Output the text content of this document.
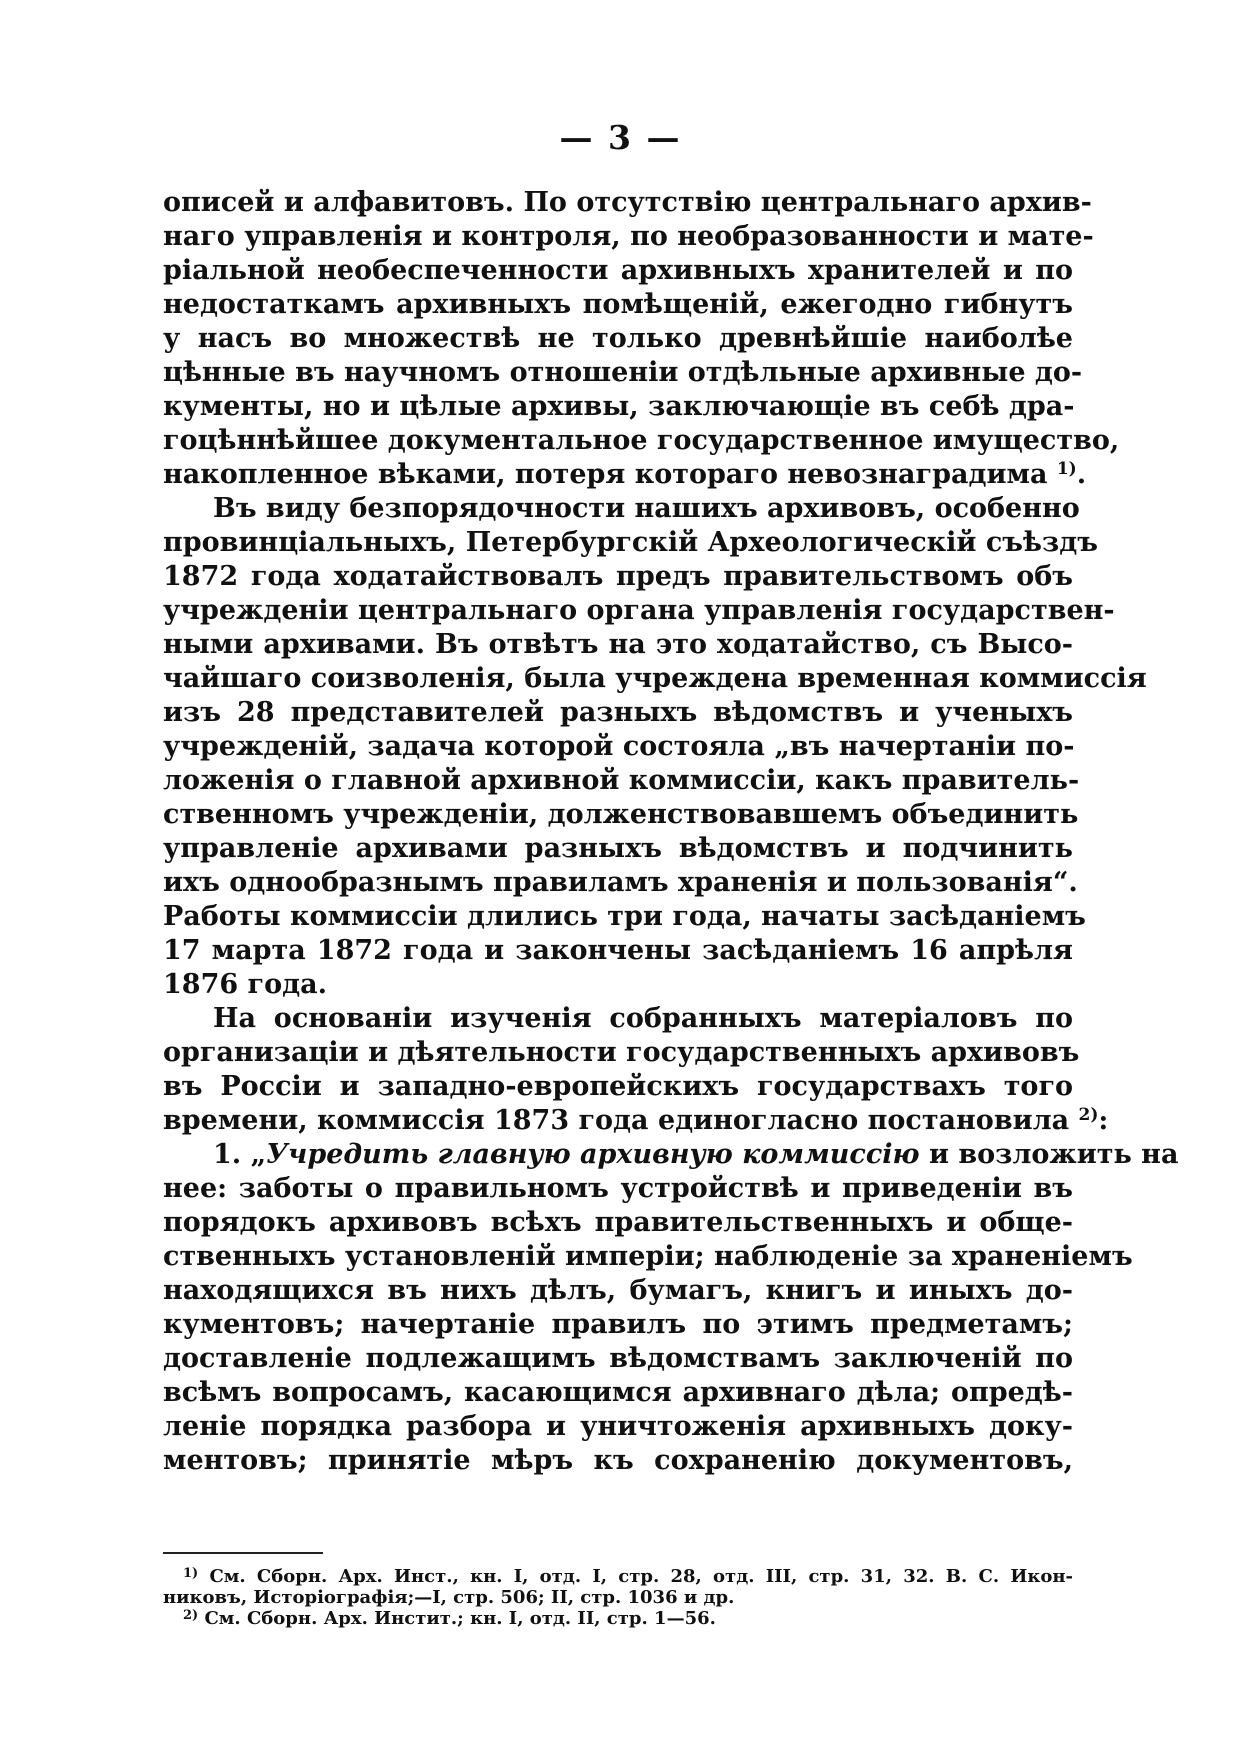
— 3 —
описей и алфавитовъ. По отсутствію центральнаго архив-
наго управленія и контроля, по необразованности и мате-
ріальной необеспеченности архивныхъ хранителей и по
недостаткамъ архивныхъ помѣщеній, ежегодно гибнутъ
у насъ во множествѣ не только древнѣйшіе наиболѣе
цѣнные въ научномъ отношеніи отдѣльные архивные до-
кументы, но и цѣлые архивы, заключающіе въ себѣ дра-
гоцѣннѣйшее документальное государственное имущество,
накопленное вѣками, потеря котораго невознаградима $^{1)}$.
Въ виду безпорядочности нашихъ архивовъ, особенно
провинціальныхъ, Петербургскій Археологическій съѣздъ
1872 года ходатайствовалъ предъ правительствомъ объ
учрежденіи центральнаго органа управленія государствен-
ными архивами. Въ отвѣтъ на это ходатайство, съ Высо-
чайшаго соизволенія, была учреждена временная коммиссія
изъ 28 представителей разныхъ вѣдомствъ и ученыхъ
учрежденій, задача которой состояла „въ начертаніи по-
ложенія о главной архивной коммиссіи, какъ правитель-
ственномъ учрежденіи, долженствовавшемъ объединить
управленіе архивами разныхъ вѣдомствъ и подчинить
ихъ однообразнымъ правиламъ храненія и пользованія“.
Работы коммиссіи длились три года, начаты засѣданіемъ
17 марта 1872 года и закончены засѣданіемъ 16 апрѣля
1876 года.
На основаніи изученія собранныхъ матеріаловъ по
организаціи и дѣятельности государственныхъ архивовъ
въ Россіи и западно-европейскихъ государствахъ того
времени, коммиссія 1873 года единогласно постановила $^{2)}$:
1. „Учредить главную архивную коммиссію и возложить на
нее: заботы о правильномъ устройствѣ и приведеніи въ
порядокъ архивовъ всѣхъ правительственныхъ и обще-
ственныхъ установленій имперіи; наблюденіе за храненіемъ
находящихся въ нихъ дѣлъ, бумагъ, книгъ и иныхъ до-
кументовъ; начертаніе правилъ по этимъ предметамъ;
доставленіе подлежащимъ вѣдомствамъ заключеній по
всѣмъ вопросамъ, касающимся архивнаго дѣла; опредѣ-
леніе порядка разбора и уничтоженія архивныхъ доку-
ментовъ; принятіе мѣръ къ сохраненію документовъ,
$^{1)}$ См. Сборн. Арх. Инст., кн. I, отд. I, стр. 28, отд. III, стр. 31, 32. В. С. Икон-
никовъ, Исторіографія;—I, стр. 506; II, стр. 1036 и др.
$^{2)}$ См. Сборн. Арх. Инстит.; кн. I, отд. II, стр. 1—56.
